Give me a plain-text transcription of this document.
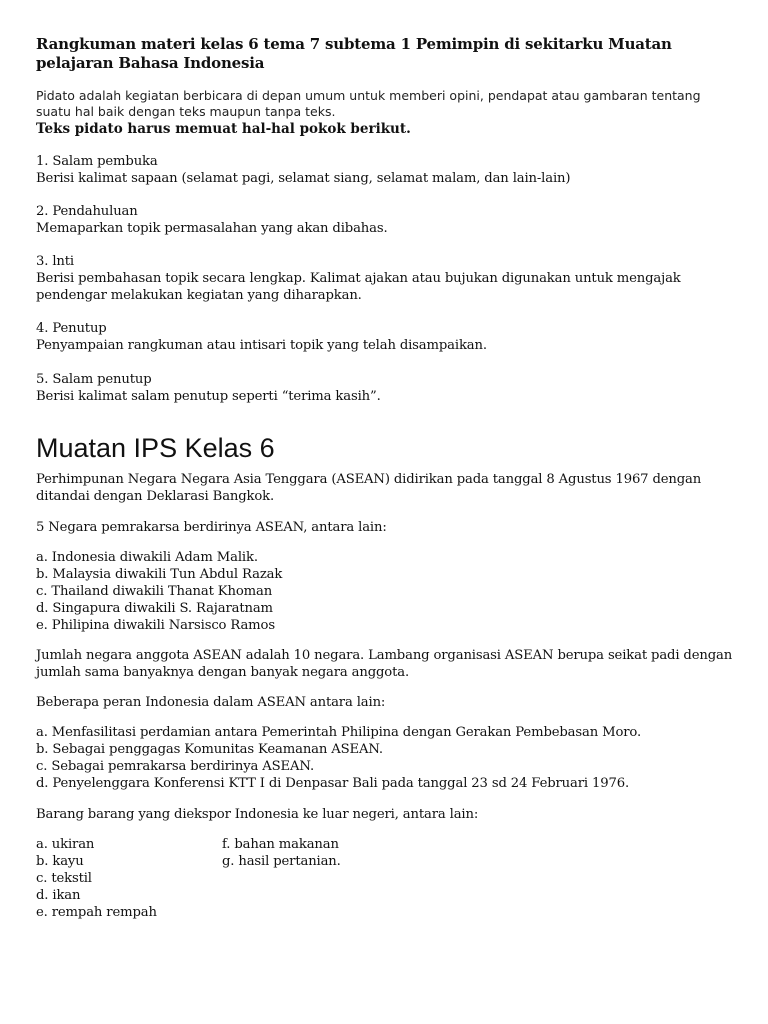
Rangkuman materi kelas 6 tema 7 subtema 1 Pemimpin di sekitarku Muatan pelajaran Bahasa Indonesia
Pidato adalah kegiatan berbicara di depan umum untuk memberi opini, pendapat atau gambaran tentang suatu hal baik dengan teks maupun tanpa teks.
Teks pidato harus memuat hal-hal pokok berikut.
1. Salam pembuka
Berisi kalimat sapaan (selamat pagi, selamat siang, selamat malam, dan lain-lain)
2. Pendahuluan
Memaparkan topik permasalahan yang akan dibahas.
3. lnti
Berisi pembahasan topik secara lengkap. Kalimat ajakan atau bujukan digunakan untuk mengajak pendengar melakukan kegiatan yang diharapkan.
4. Penutup
Penyampaian rangkuman atau intisari topik yang telah disampaikan.
5. Salam penutup
Berisi kalimat salam penutup seperti “terima kasih”.
Muatan IPS Kelas 6
Perhimpunan Negara Negara Asia Tenggara (ASEAN) didirikan pada tanggal 8 Agustus 1967 dengan ditandai dengan Deklarasi Bangkok.
5 Negara pemrakarsa berdirinya ASEAN, antara lain:
a. Indonesia diwakili Adam Malik.
b. Malaysia diwakili Tun Abdul Razak
c. Thailand diwakili Thanat Khoman
d. Singapura diwakili S. Rajaratnam
e. Philipina diwakili Narsisco Ramos
Jumlah negara anggota ASEAN adalah 10 negara. Lambang organisasi ASEAN berupa seikat padi dengan jumlah sama banyaknya dengan banyak negara anggota.
Beberapa peran Indonesia dalam ASEAN antara lain:
a. Menfasilitasi perdamian antara Pemerintah Philipina dengan Gerakan Pembebasan Moro.
b. Sebagai penggagas Komunitas Keamanan ASEAN.
c. Sebagai pemrakarsa berdirinya ASEAN.
d. Penyelenggara Konferensi KTT I di Denpasar Bali pada tanggal 23 sd 24 Februari 1976.
Barang barang yang diekspor Indonesia ke luar negeri, antara lain:
a. ukiran
b. kayu
c. tekstil
d. ikan
e. rempah rempah
f. bahan makanan
g. hasil pertanian.
